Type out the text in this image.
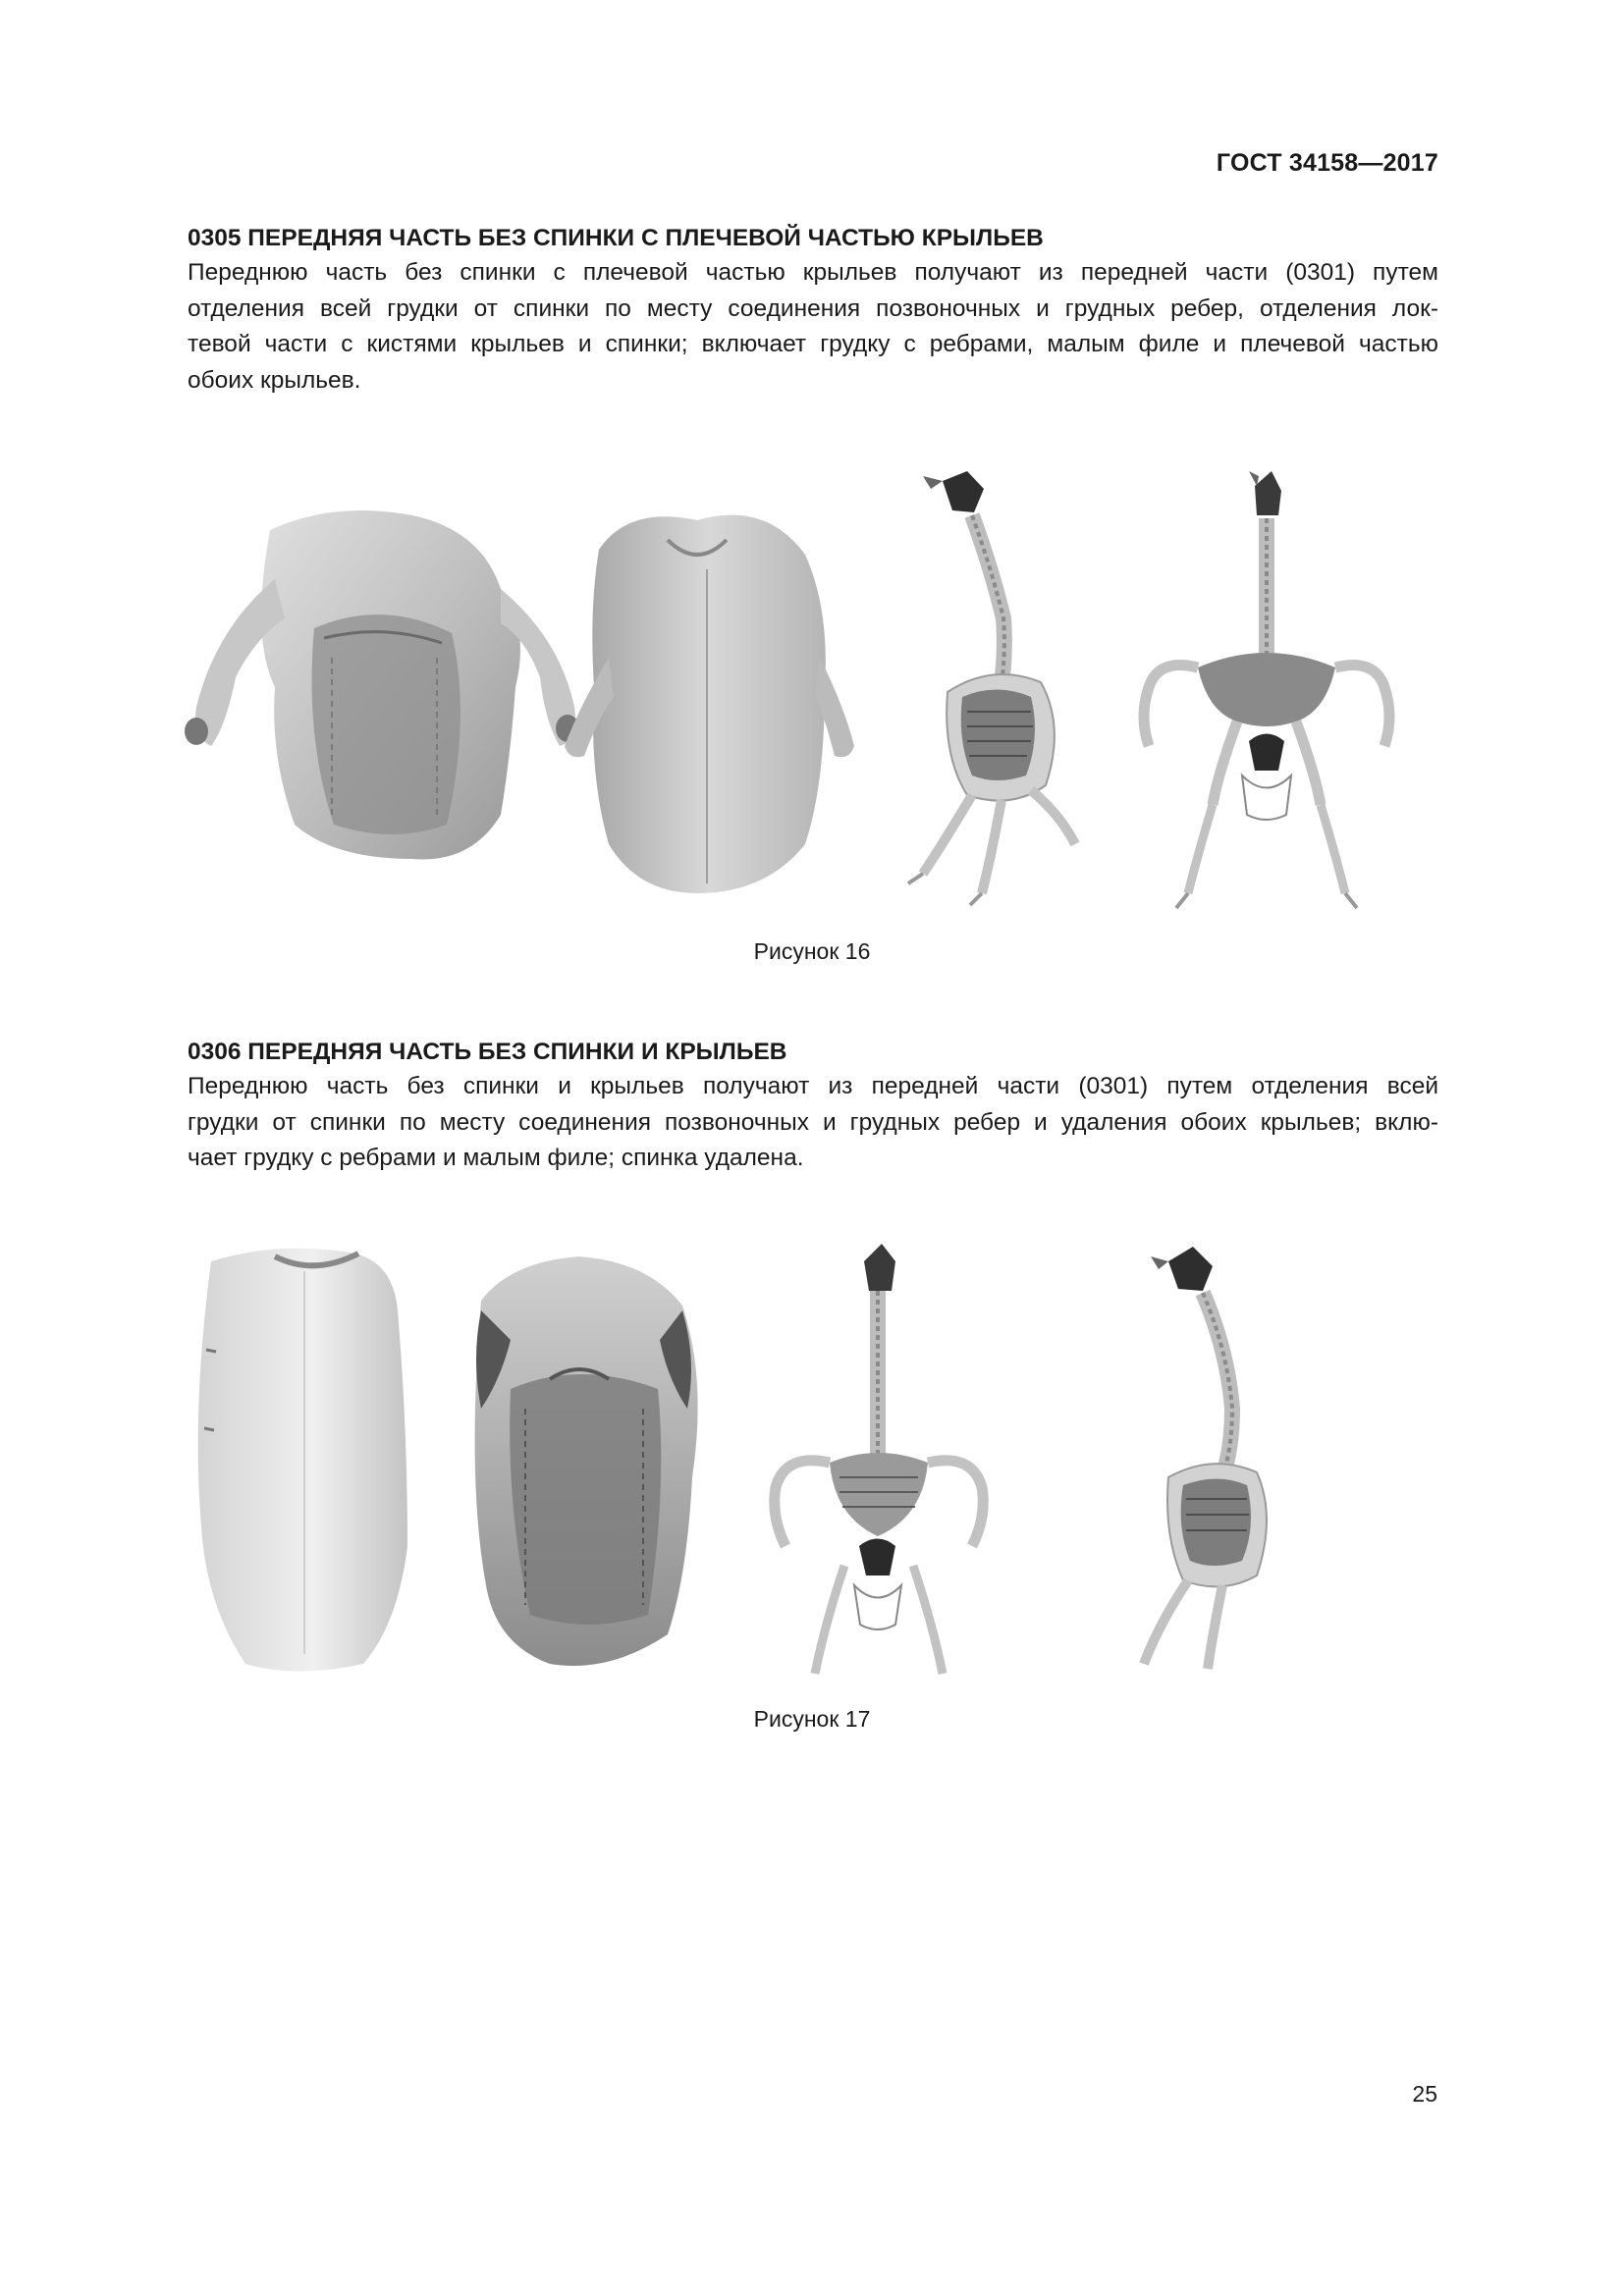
ГОСТ 34158—2017
0305 ПЕРЕДНЯЯ ЧАСТЬ БЕЗ СПИНКИ С ПЛЕЧЕВОЙ ЧАСТЬЮ КРЫЛЬЕВ

Переднюю часть без спинки с плечевой частью крыльев получают из передней части (0301) путем
отделения всей грудки от спинки по месту соединения позвоночных и грудных ребер, отделения лок-
тевой части с кистями крыльев и спинки; включает грудку с ребрами, малым филе и плечевой частью
обоих крыльев.

Рисунок 16
0306 ПЕРЕДНЯЯ ЧАСТЬ БЕЗ СПИНКИ И КРЫЛЬЕВ

Переднюю часть без спинки и крыльев получают из передней части (0301) путем отделения всей
грудки от спинки по месту соединения позвоночных и грудных ребер и удаления обоих крыльев; вклю-
чает грудку с ребрами и малым филе; спинка удалена.

Рисунок 17
25
